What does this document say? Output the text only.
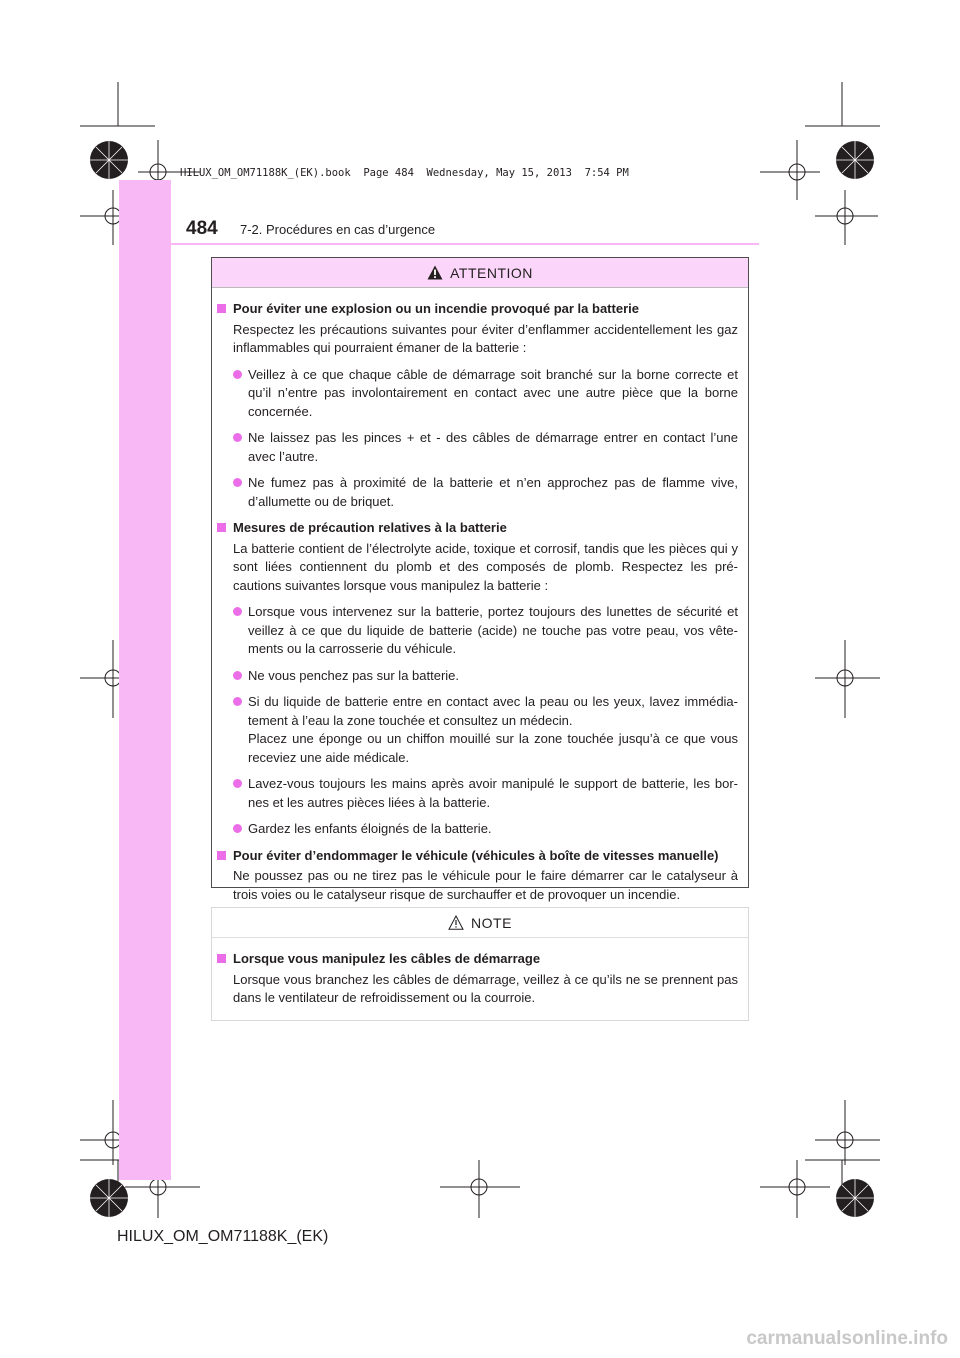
HILUX_OM_OM71188K_(EK).book  Page 484  Wednesday, May 15, 2013  7:54 PM
484 7-2. Procédures en cas d’urgence
ATTENTION
Pour éviter une explosion ou un incendie provoqué par la batterie

Respectez les précautions suivantes pour éviter d’enflammer accidentellement les gaz inflammables qui pourraient émaner de la batterie :

Veillez à ce que chaque câble de démarrage soit branché sur la borne correcte et qu’il n’entre pas involontairement en contact avec une autre pièce que la borne concernée.
Ne laissez pas les pinces + et - des câbles de démarrage entrer en contact l’une avec l’autre.
Ne fumez pas à proximité de la batterie et n’en approchez pas de flamme vive, d’allumette ou de briquet.
Mesures de précaution relatives à la batterie

La batterie contient de l’électrolyte acide, toxique et corrosif, tandis que les pièces qui y sont liées contiennent du plomb et des composés de plomb. Respectez les pré-cautions suivantes lorsque vous manipulez la batterie :

Lorsque vous intervenez sur la batterie, portez toujours des lunettes de sécurité et veillez à ce que du liquide de batterie (acide) ne touche pas votre peau, vos vête-ments ou la carrosserie du véhicule.
Ne vous penchez pas sur la batterie.
Si du liquide de batterie entre en contact avec la peau ou les yeux, lavez immédia-tement à l’eau la zone touchée et consultez un médecin.
Placez une éponge ou un chiffon mouillé sur la zone touchée jusqu’à ce que vous receviez une aide médicale.
Lavez-vous toujours les mains après avoir manipulé le support de batterie, les bor-nes et les autres pièces liées à la batterie.
Gardez les enfants éloignés de la batterie.
Pour éviter d’endommager le véhicule (véhicules à boîte de vitesses manuelle)

Ne poussez pas ou ne tirez pas le véhicule pour le faire démarrer car le catalyseur à trois voies ou le catalyseur risque de surchauffer et de provoquer un incendie.

NOTE
Lorsque vous manipulez les câbles de démarrage

Lorsque vous branchez les câbles de démarrage, veillez à ce qu’ils ne se prennent pas dans le ventilateur de refroidissement ou la courroie.

HILUX_OM_OM71188K_(EK)
carmanualsonline.info
